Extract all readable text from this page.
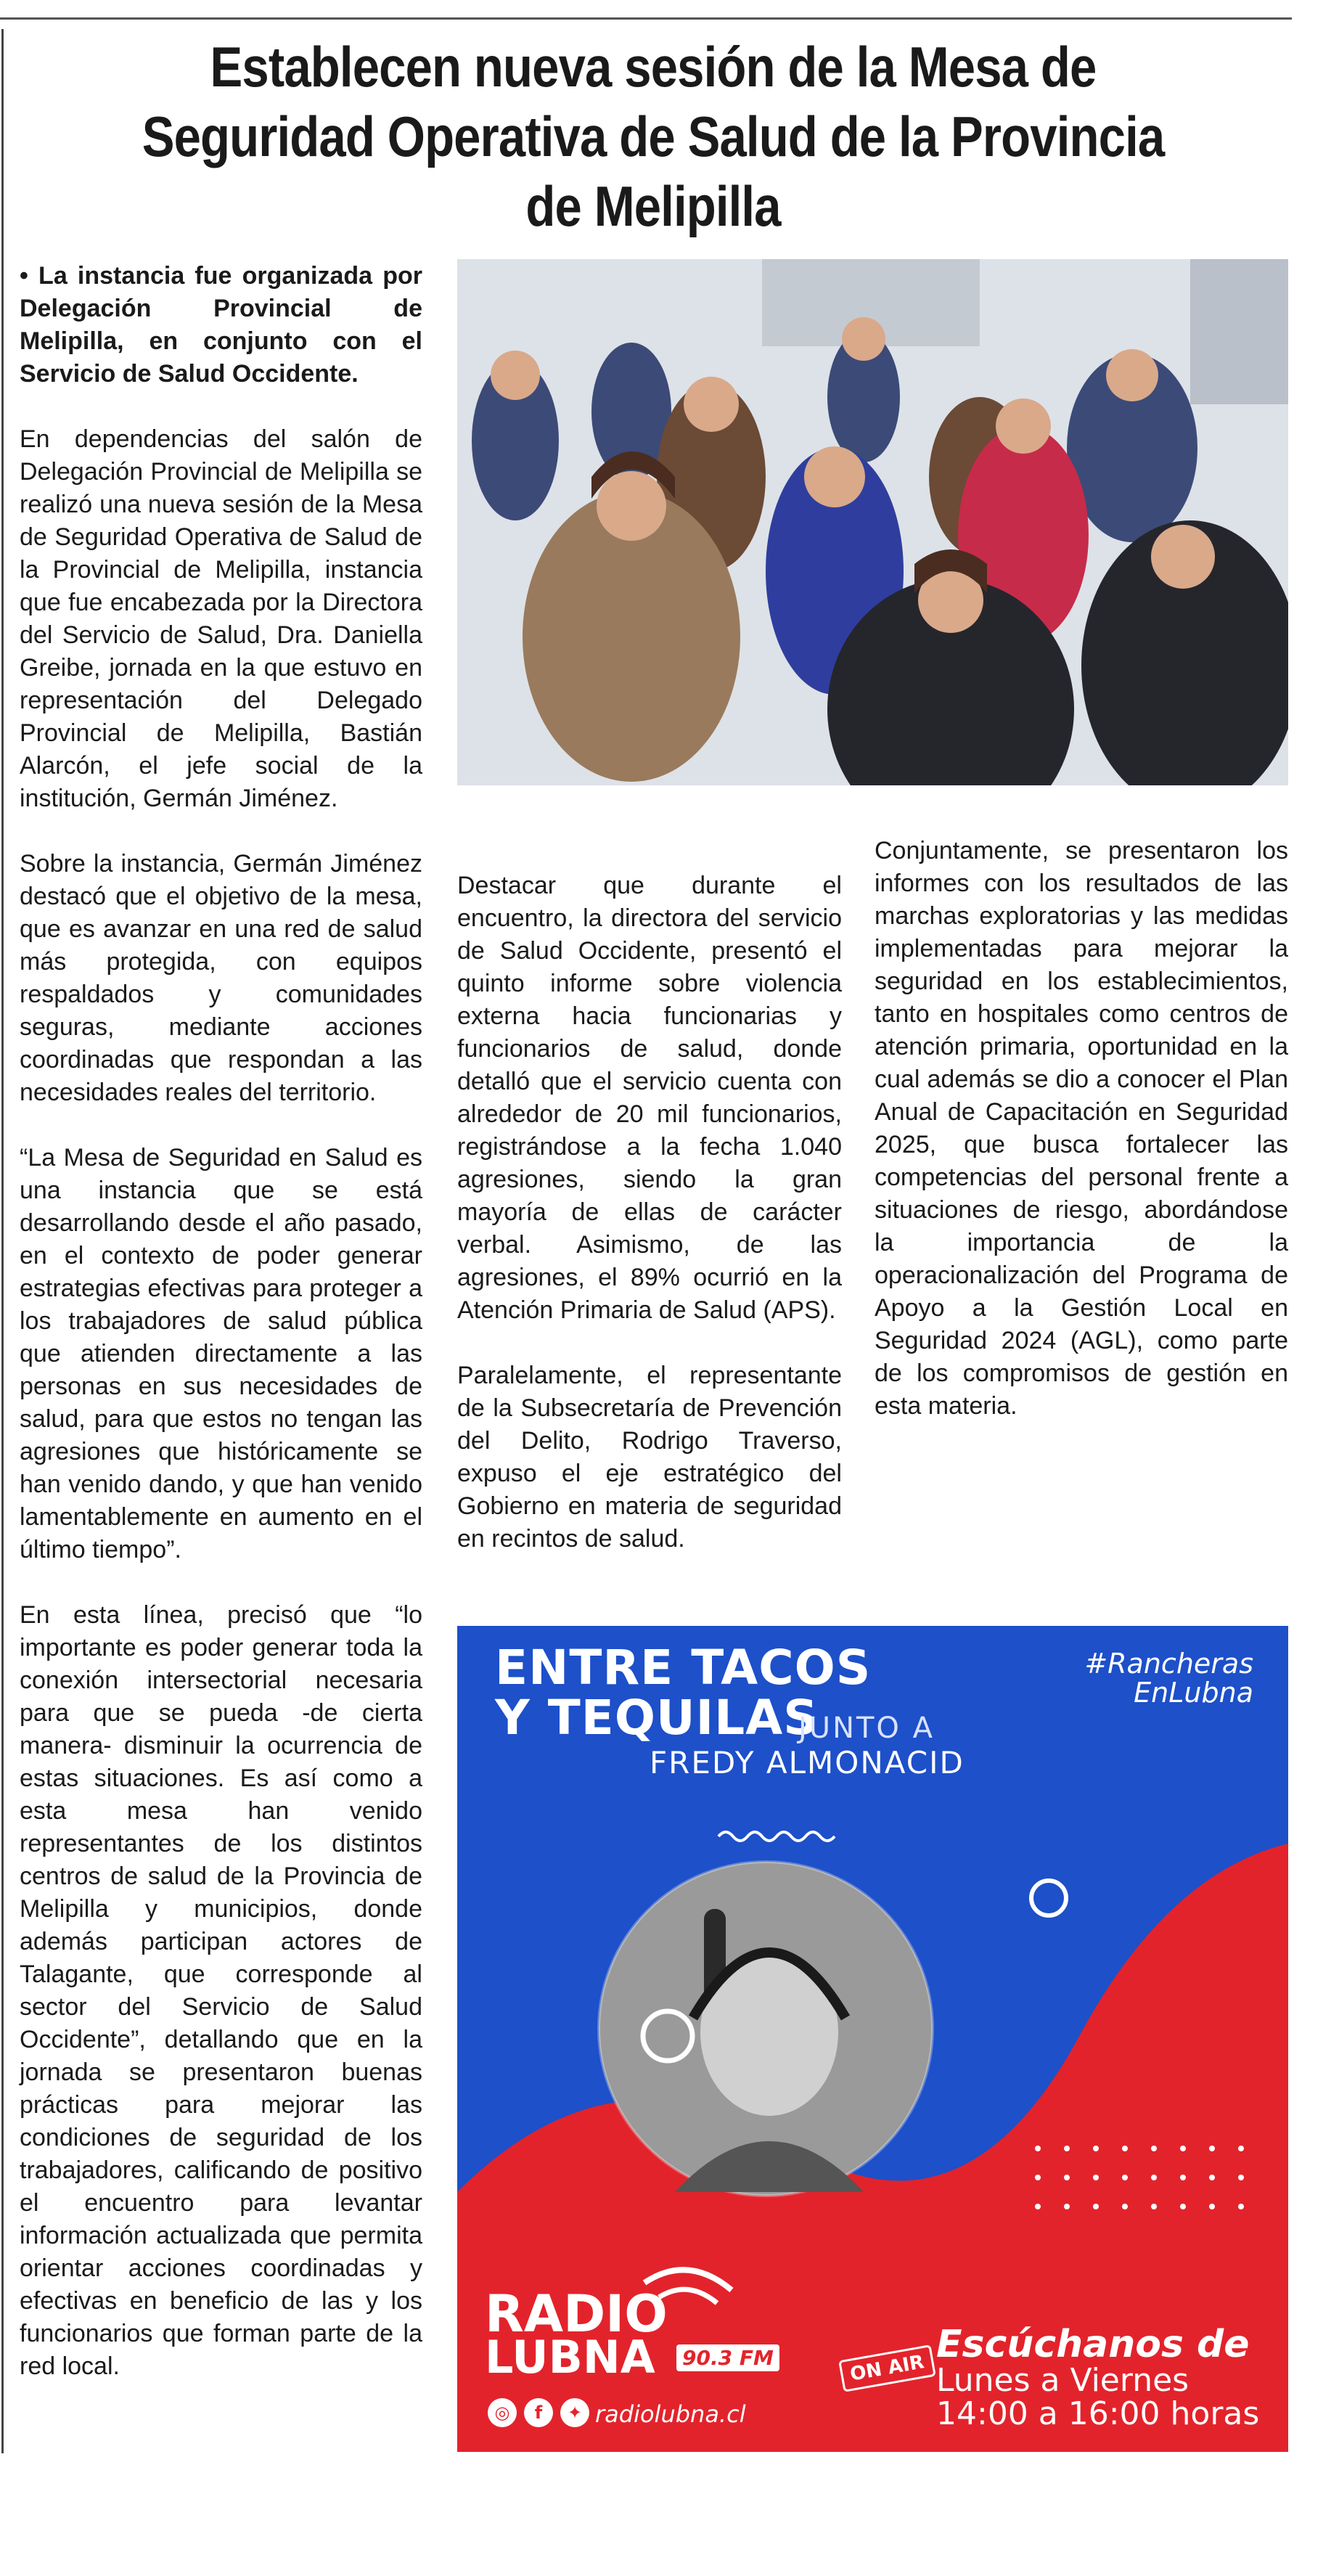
Establecen nueva sesión de la Mesa de Seguridad Operativa de Salud de la Provincia de Melipilla

• La instancia fue organizada por Delegación Provincial de Melipilla, en conjunto con el Servicio de Salud Occidente.

En dependencias del salón de Delegación Provincial de Melipilla se realizó una nueva sesión de la Mesa de Seguridad Operativa de Salud de la Provincial de Melipilla, instancia que fue encabezada por la Directora del Servicio de Salud, Dra. Daniella Greibe, jornada en la que estuvo en representación del Delegado Provincial de Melipilla, Bastián Alarcón, el jefe social de la institución, Germán Jiménez.

Sobre la instancia, Germán Jiménez destacó que el objetivo de la mesa, que es avanzar en una red de salud más protegida, con equipos respaldados y comunidades seguras, mediante acciones coordinadas que respondan a las necesidades reales del territorio.

“La Mesa de Seguridad en Salud es una instancia que se está desarrollando desde el año pasado, en el contexto de poder generar estrategias efectivas para proteger a los trabajadores de salud pública que atienden directamente a las personas en sus necesidades de salud, para que estos no tengan las agresiones que históricamente se han venido dando, y que han venido lamentablemente en aumento en el último tiempo”.

En esta línea, precisó que “lo importante es poder generar toda la conexión intersectorial necesaria para que se pueda -de cierta manera- disminuir la ocurrencia de estas situaciones. Es así como a esta mesa han venido representantes de los distintos centros de salud de la Provincia de Melipilla y municipios, donde además participan actores de Talagante, que corresponde al sector del Servicio de Salud Occidente”, detallando que en la jornada se presentaron buenas prácticas para mejorar las condiciones de seguridad de los trabajadores, calificando de positivo el encuentro para levantar información actualizada que permita orientar acciones coordinadas y efectivas en beneficio de las y los funcionarios que forman parte de la red local.

Destacar que durante el encuentro, la directora del servicio de Salud Occidente, presentó el quinto informe sobre violencia externa hacia funcionarias y funcionarios de salud, donde detalló que el servicio cuenta con alrededor de 20 mil funcionarios, registrándose a la fecha 1.040 agresiones, siendo la gran mayoría de ellas de carácter verbal. Asimismo, de las agresiones, el 89% ocurrió en la Atención Primaria de Salud (APS).

Paralelamente, el representante de la Subsecretaría de Prevención del Delito, Rodrigo Traverso, expuso el eje estratégico del Gobierno en materia de seguridad en recintos de salud.

Conjuntamente, se presentaron los informes con los resultados de las marchas exploratorias y las medidas implementadas para mejorar la seguridad en los establecimientos, tanto en hospitales como centros de atención primaria, oportunidad en la cual además se dio a conocer el Plan Anual de Capacitación en Seguridad 2025, que busca fortalecer las competencias del personal frente a situaciones de riesgo, abordándose la importancia de la operacionalización del Programa de Apoyo a la Gestión Local en Seguridad 2024 (AGL), como parte de los compromisos de gestión en esta materia.

ENTRE TACOS
Y TEQUILAS
JUNTO A
FREDY ALMONACID
#Rancheras
EnLubna
RADIO
LUBNA 90.3 FM	ON AIR
Escúchanos de
Lunes a Viernes
14:00 a 16:00 horas
◎	f	✦ radiolubna.cl
